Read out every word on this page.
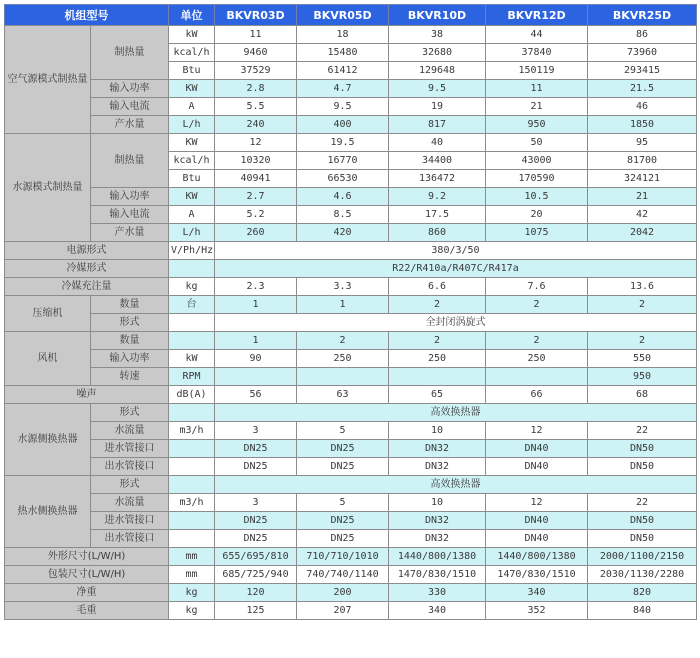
机组型号		单位	BKVR03D	BKVR05D	BKVR10D	BKVR12D	BKVR25D
空气源模式制热量	制热量	kW	11	18	38	44	86
		kcal/h	9460	15480	32680	37840	73960
		Btu	37529	61412	129648	150119	293415
	输入功率	KW	2.8	4.7	9.5	11	21.5
	输入电流	A	5.5	9.5	19	21	46
	产水量	L/h	240	400	817	950	1850
水源模式制热量	制热量	KW	12	19.5	40	50	95
		kcal/h	10320	16770	34400	43000	81700
		Btu	40941	66530	136472	170590	324121
	输入功率	KW	2.7	4.6	9.2	10.5	21
	输入电流	A	5.2	8.5	17.5	20	42
	产水量	L/h	260	420	860	1075	2042
电源形式		V/Ph/Hz	380/3/50				
冷媒形式			R22/R410a/R407C/R417a				
冷媒充注量		kg	2.3	3.3	6.6	7.6	13.6
压缩机	数量	台	1	1	2	2	2
	形式		全封闭涡旋式				
风机	数量		1	2	2	2	2
	输入功率	kW	90	250	250	250	550
	转速	RPM					950
噪声		dB(A)	56	63	65	66	68
水源侧换热器	形式		高效换热器				
	水流量	m3/h	3	5	10	12	22
	进水管接口		DN25	DN25	DN32	DN40	DN50
	出水管接口		DN25	DN25	DN32	DN40	DN50
热水侧换热器	形式		高效换热器				
	水流量	m3/h	3	5	10	12	22
	进水管接口		DN25	DN25	DN32	DN40	DN50
	出水管接口		DN25	DN25	DN32	DN40	DN50
外形尺寸(L/W/H)		mm	655/695/810	710/710/1010	1440/800/1380	1440/800/1380	2000/1100/2150
包装尺寸(L/W/H)		mm	685/725/940	740/740/1140	1470/830/1510	1470/830/1510	2030/1130/2280
净重		kg	120	200	330	340	820
毛重		kg	125	207	340	352	840
